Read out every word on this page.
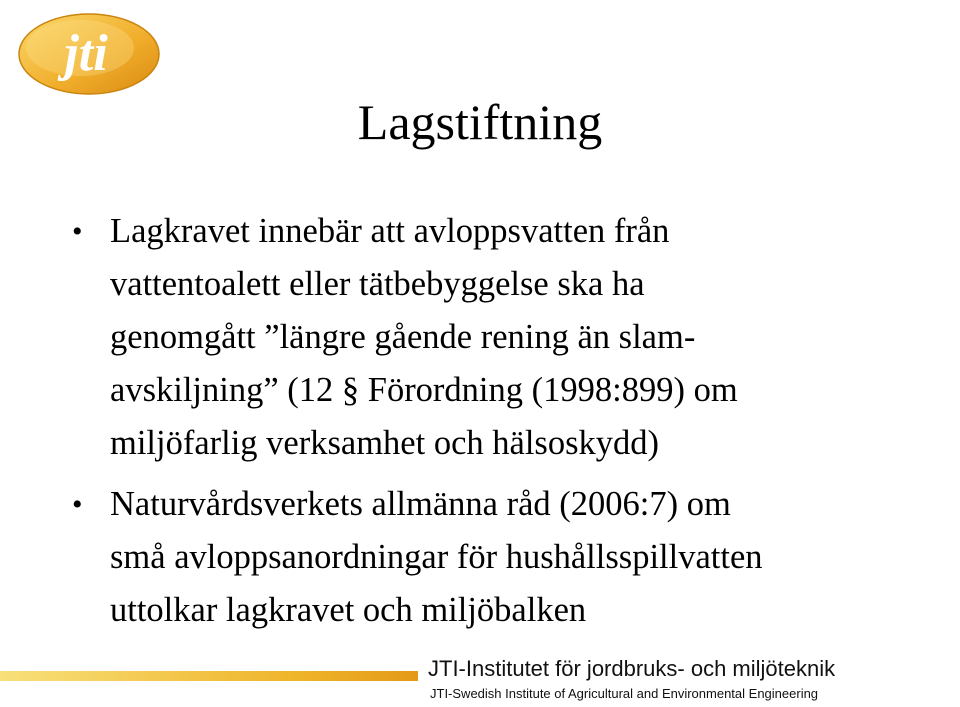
jti
Lagstiftning
• Lagkravet innebär att avloppsvatten från
vattentoalett eller tätbebyggelse ska ha
genomgått ”längre gående rening än slam-
avskiljning” (12 § Förordning (1998:899) om
miljöfarlig verksamhet och hälsoskydd)
• Naturvårdsverkets allmänna råd (2006:7) om
små avloppsanordningar för hushållsspillvatten
uttolkar lagkravet och miljöbalken
JTI-Institutet för jordbruks- och miljöteknik
JTI-Swedish Institute of Agricultural and Environmental Engineering
